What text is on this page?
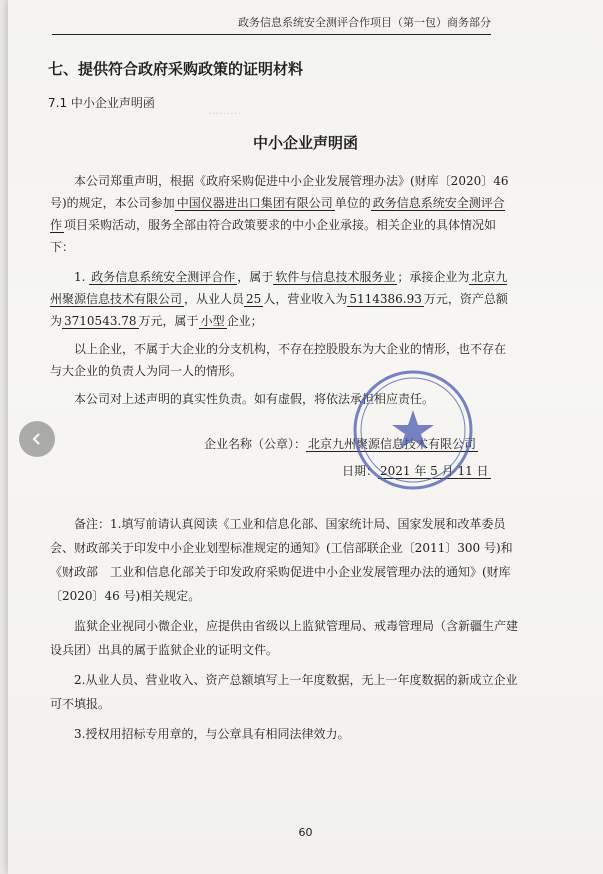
政务信息系统安全测评合作项目（第一包）商务部分
………
七、提供符合政府采购政策的证明材料
7.1 中小企业声明函
中小企业声明函

本公司郑重声明，根据《政府采购促进中小企业发展管理办法》(财库〔2020〕46 号)的规定，本公司参加 中国仪器进出口集团有限公司 单位的 政务信息系统安全测评合作 项目采购活动，服务全部由符合政策要求的中小企业承接。相关企业的具体情况如下：

1. 政务信息系统安全测评合作 ，属于 软件与信息技术服务业 ；承接企业为 北京九州聚源信息技术有限公司 ，从业人员 25 人，营业收入为 5114386.93 万元，资产总额为 3710543.78 万元，属于 小型 企业；

以上企业，不属于大企业的分支机构，不存在控股股东为大企业的情形，也不存在与大企业的负责人为同一人的情形。

本公司对上述声明的真实性负责。如有虚假，将依法承担相应责任。

企业名称（公章）： 北京九州聚源信息技术有限公司
日期： 2021 年 5 月 11 日

备注：1.填写前请认真阅读《工业和信息化部、国家统计局、国家发展和改革委员会、财政部关于印发中小企业划型标准规定的通知》(工信部联企业〔2011〕300 号)和《财政部　工业和信息化部关于印发政府采购促进中小企业发展管理办法的通知》(财库〔2020〕46 号)相关规定。

监狱企业视同小微企业，应提供由省级以上监狱管理局、戒毒管理局（含新疆生产建设兵团）出具的属于监狱企业的证明文件。

2.从业人员、营业收入、资产总额填写上一年度数据，无上一年度数据的新成立企业可不填报。

3.授权用招标专用章的，与公章具有相同法律效力。

60
